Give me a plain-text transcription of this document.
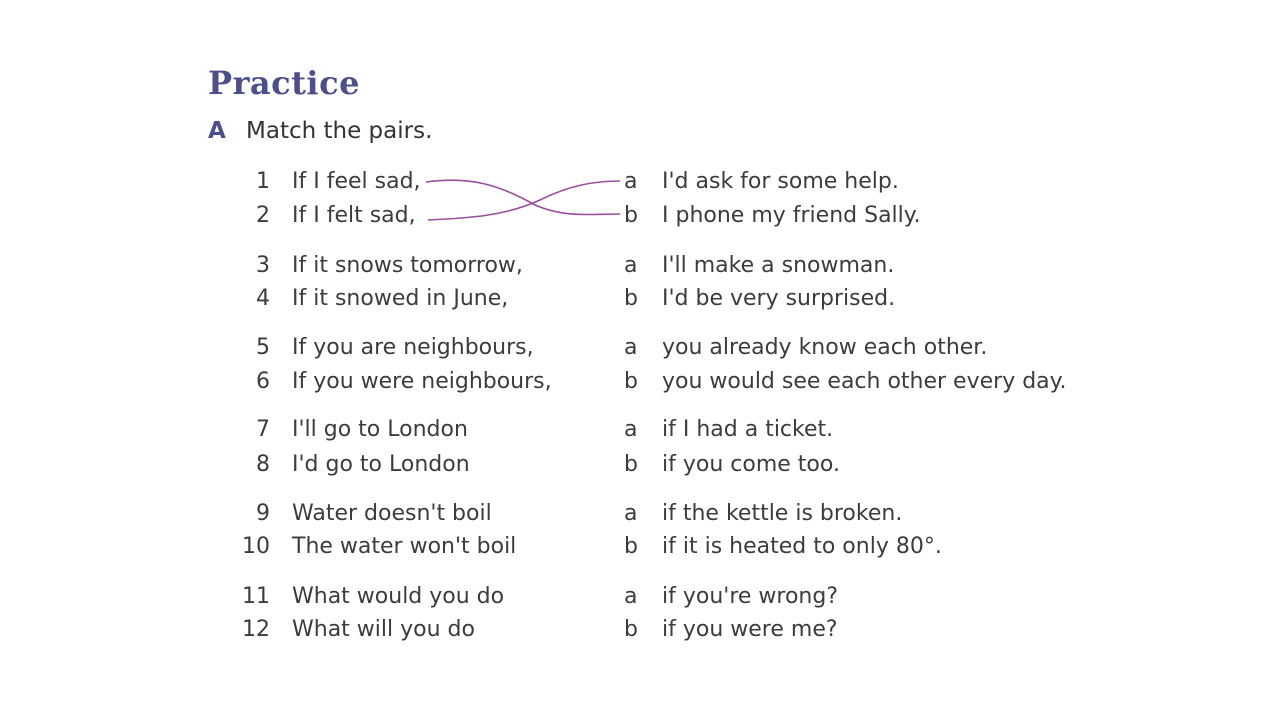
Practice
A Match the pairs.
1 If I feel sad,	a I'd ask for some help.
2 If I felt sad,	b I phone my friend Sally.
3 If it snows tomorrow,	a I'll make a snowman.
4 If it snowed in June,	b I'd be very surprised.
5 If you are neighbours,	a you already know each other.
6 If you were neighbours,	b you would see each other every day.
7 I'll go to London	a if I had a ticket.
8 I'd go to London	b if you come too.
9 Water doesn't boil	a if the kettle is broken.
10 The water won't boil	b if it is heated to only 80°.
11 What would you do	a if you're wrong?
12 What will you do	b if you were me?
